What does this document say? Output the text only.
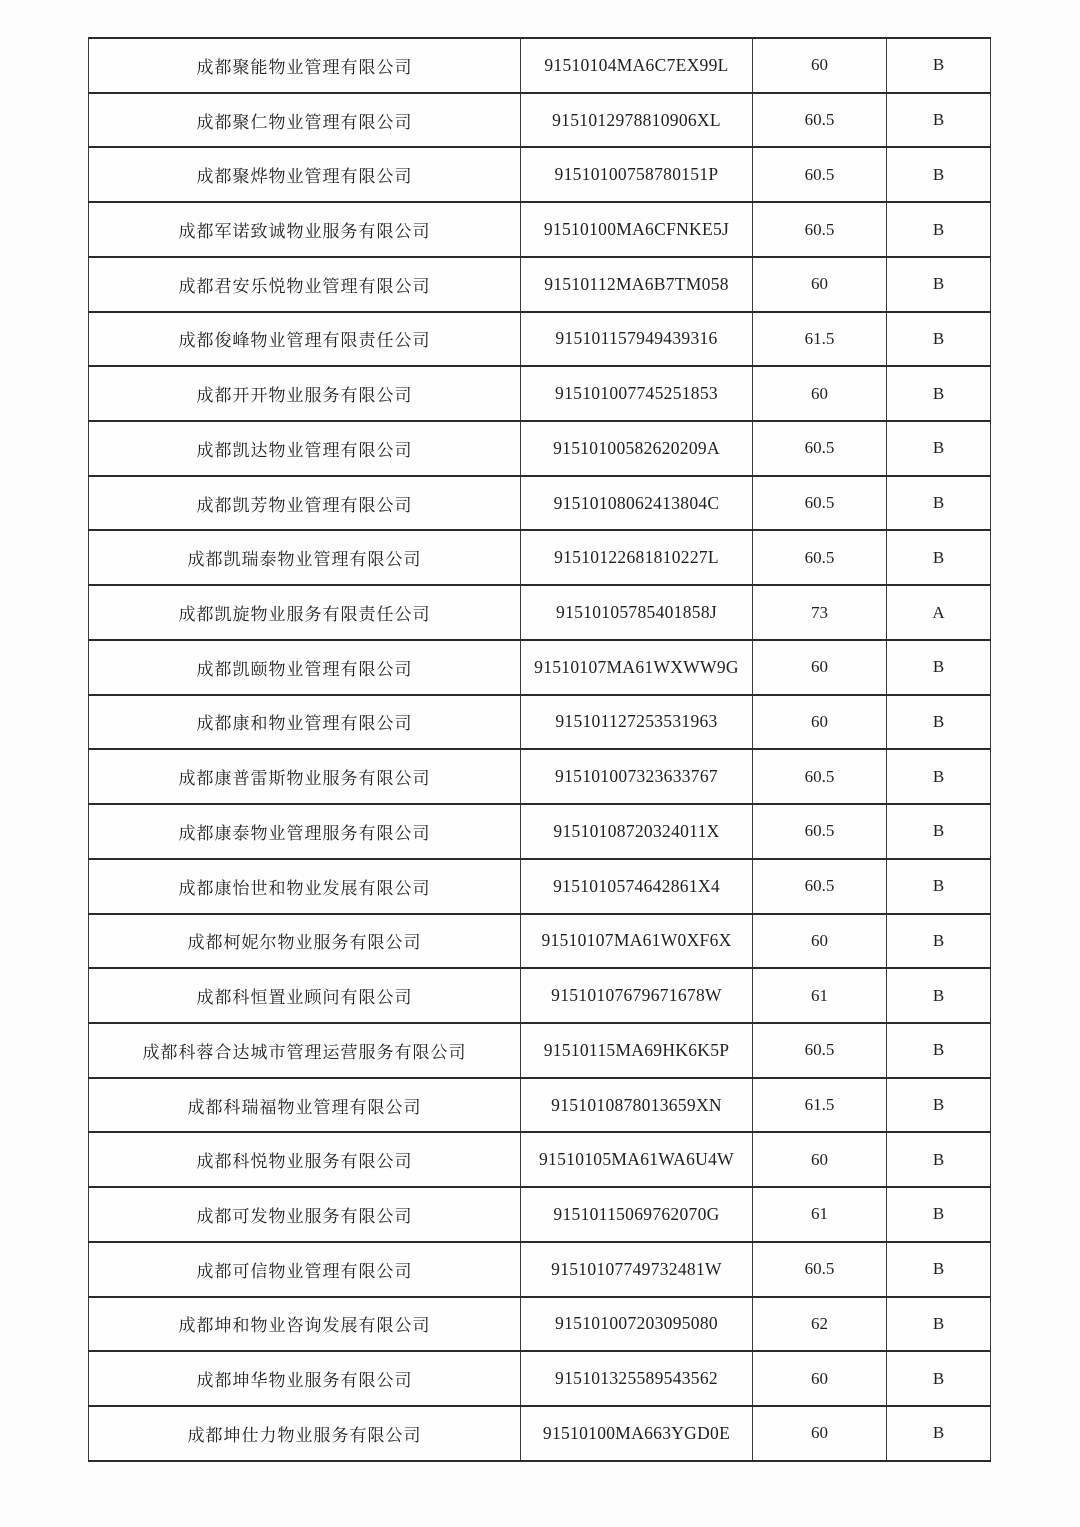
成都聚能物业管理有限公司	91510104MA6C7EX99L	60	B
成都聚仁物业管理有限公司	9151012978810906XL	60.5	B
成都聚烨物业管理有限公司	91510100758780151P	60.5	B
成都军诺致诚物业服务有限公司	91510100MA6CFNKE5J	60.5	B
成都君安乐悦物业管理有限公司	91510112MA6B7TM058	60	B
成都俊峰物业管理有限责任公司	915101157949439316	61.5	B
成都开开物业服务有限公司	915101007745251853	60	B
成都凯达物业管理有限公司	91510100582620209A	60.5	B
成都凯芳物业管理有限公司	91510108062413804C	60.5	B
成都凯瑞泰物业管理有限公司	91510122681810227L	60.5	B
成都凯旋物业服务有限责任公司	91510105785401858J	73	A
成都凯颐物业管理有限公司	91510107MA61WXWW9G	60	B
成都康和物业管理有限公司	915101127253531963	60	B
成都康普雷斯物业服务有限公司	915101007323633767	60.5	B
成都康泰物业管理服务有限公司	91510108720324011X	60.5	B
成都康怡世和物业发展有限公司	9151010574642861X4	60.5	B
成都柯妮尔物业服务有限公司	91510107MA61W0XF6X	60	B
成都科恒置业顾问有限公司	91510107679671678W	61	B
成都科蓉合达城市管理运营服务有限公司	91510115MA69HK6K5P	60.5	B
成都科瑞福物业管理有限公司	9151010878013659XN	61.5	B
成都科悦物业服务有限公司	91510105MA61WA6U4W	60	B
成都可发物业服务有限公司	91510115069762070G	61	B
成都可信物业管理有限公司	91510107749732481W	60.5	B
成都坤和物业咨询发展有限公司	915101007203095080	62	B
成都坤华物业服务有限公司	915101325589543562	60	B
成都坤仕力物业服务有限公司	91510100MA663YGD0E	60	B
